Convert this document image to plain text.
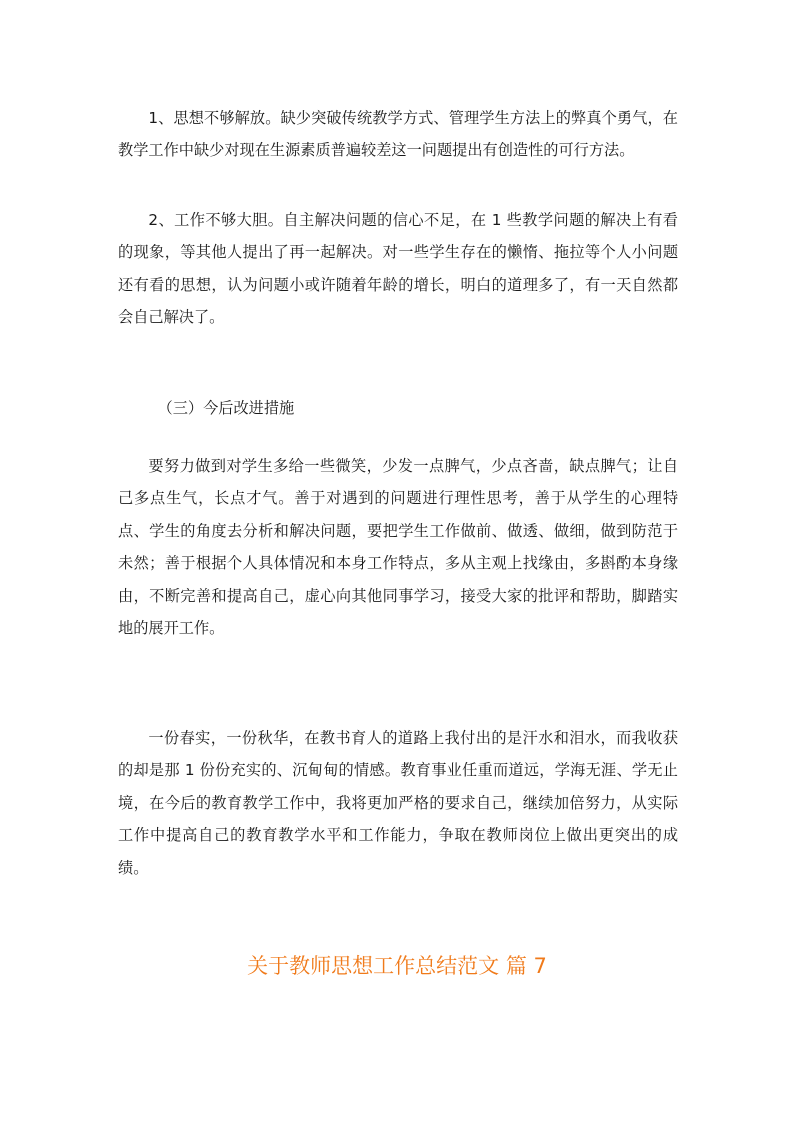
1、思想不够解放。缺少突破传统教学方式、管理学生方法上的弊真个勇气，在教学工作中缺少对现在生源素质普遍较差这一问题提出有创造性的可行方法。

2、工作不够大胆。自主解决问题的信心不足，在 1 些教学问题的解决上有看的现象，等其他人提出了再一起解决。对一些学生存在的懒惰、拖拉等个人小问题还有看的思想，认为问题小或许随着年龄的增长，明白的道理多了，有一天自然都会自己解决了。

（三）今后改进措施

要努力做到对学生多给一些微笑，少发一点脾气，少点吝啬，缺点脾气；让自己多点生气，长点才气。善于对遇到的问题进行理性思考，善于从学生的心理特点、学生的角度去分析和解决问题，要把学生工作做前、做透、做细，做到防范于未然；善于根据个人具体情况和本身工作特点，多从主观上找缘由，多斟酌本身缘由，不断完善和提高自己，虚心向其他同事学习，接受大家的批评和帮助，脚踏实地的展开工作。

一份春实，一份秋华，在教书育人的道路上我付出的是汗水和泪水，而我收获的却是那 1 份份充实的、沉甸甸的情感。教育事业任重而道远，学海无涯、学无止境，在今后的教育教学工作中，我将更加严格的要求自己，继续加倍努力，从实际工作中提高自己的教育教学水平和工作能力，争取在教师岗位上做出更突出的成绩。

关于教师思想工作总结范文 篇 7
